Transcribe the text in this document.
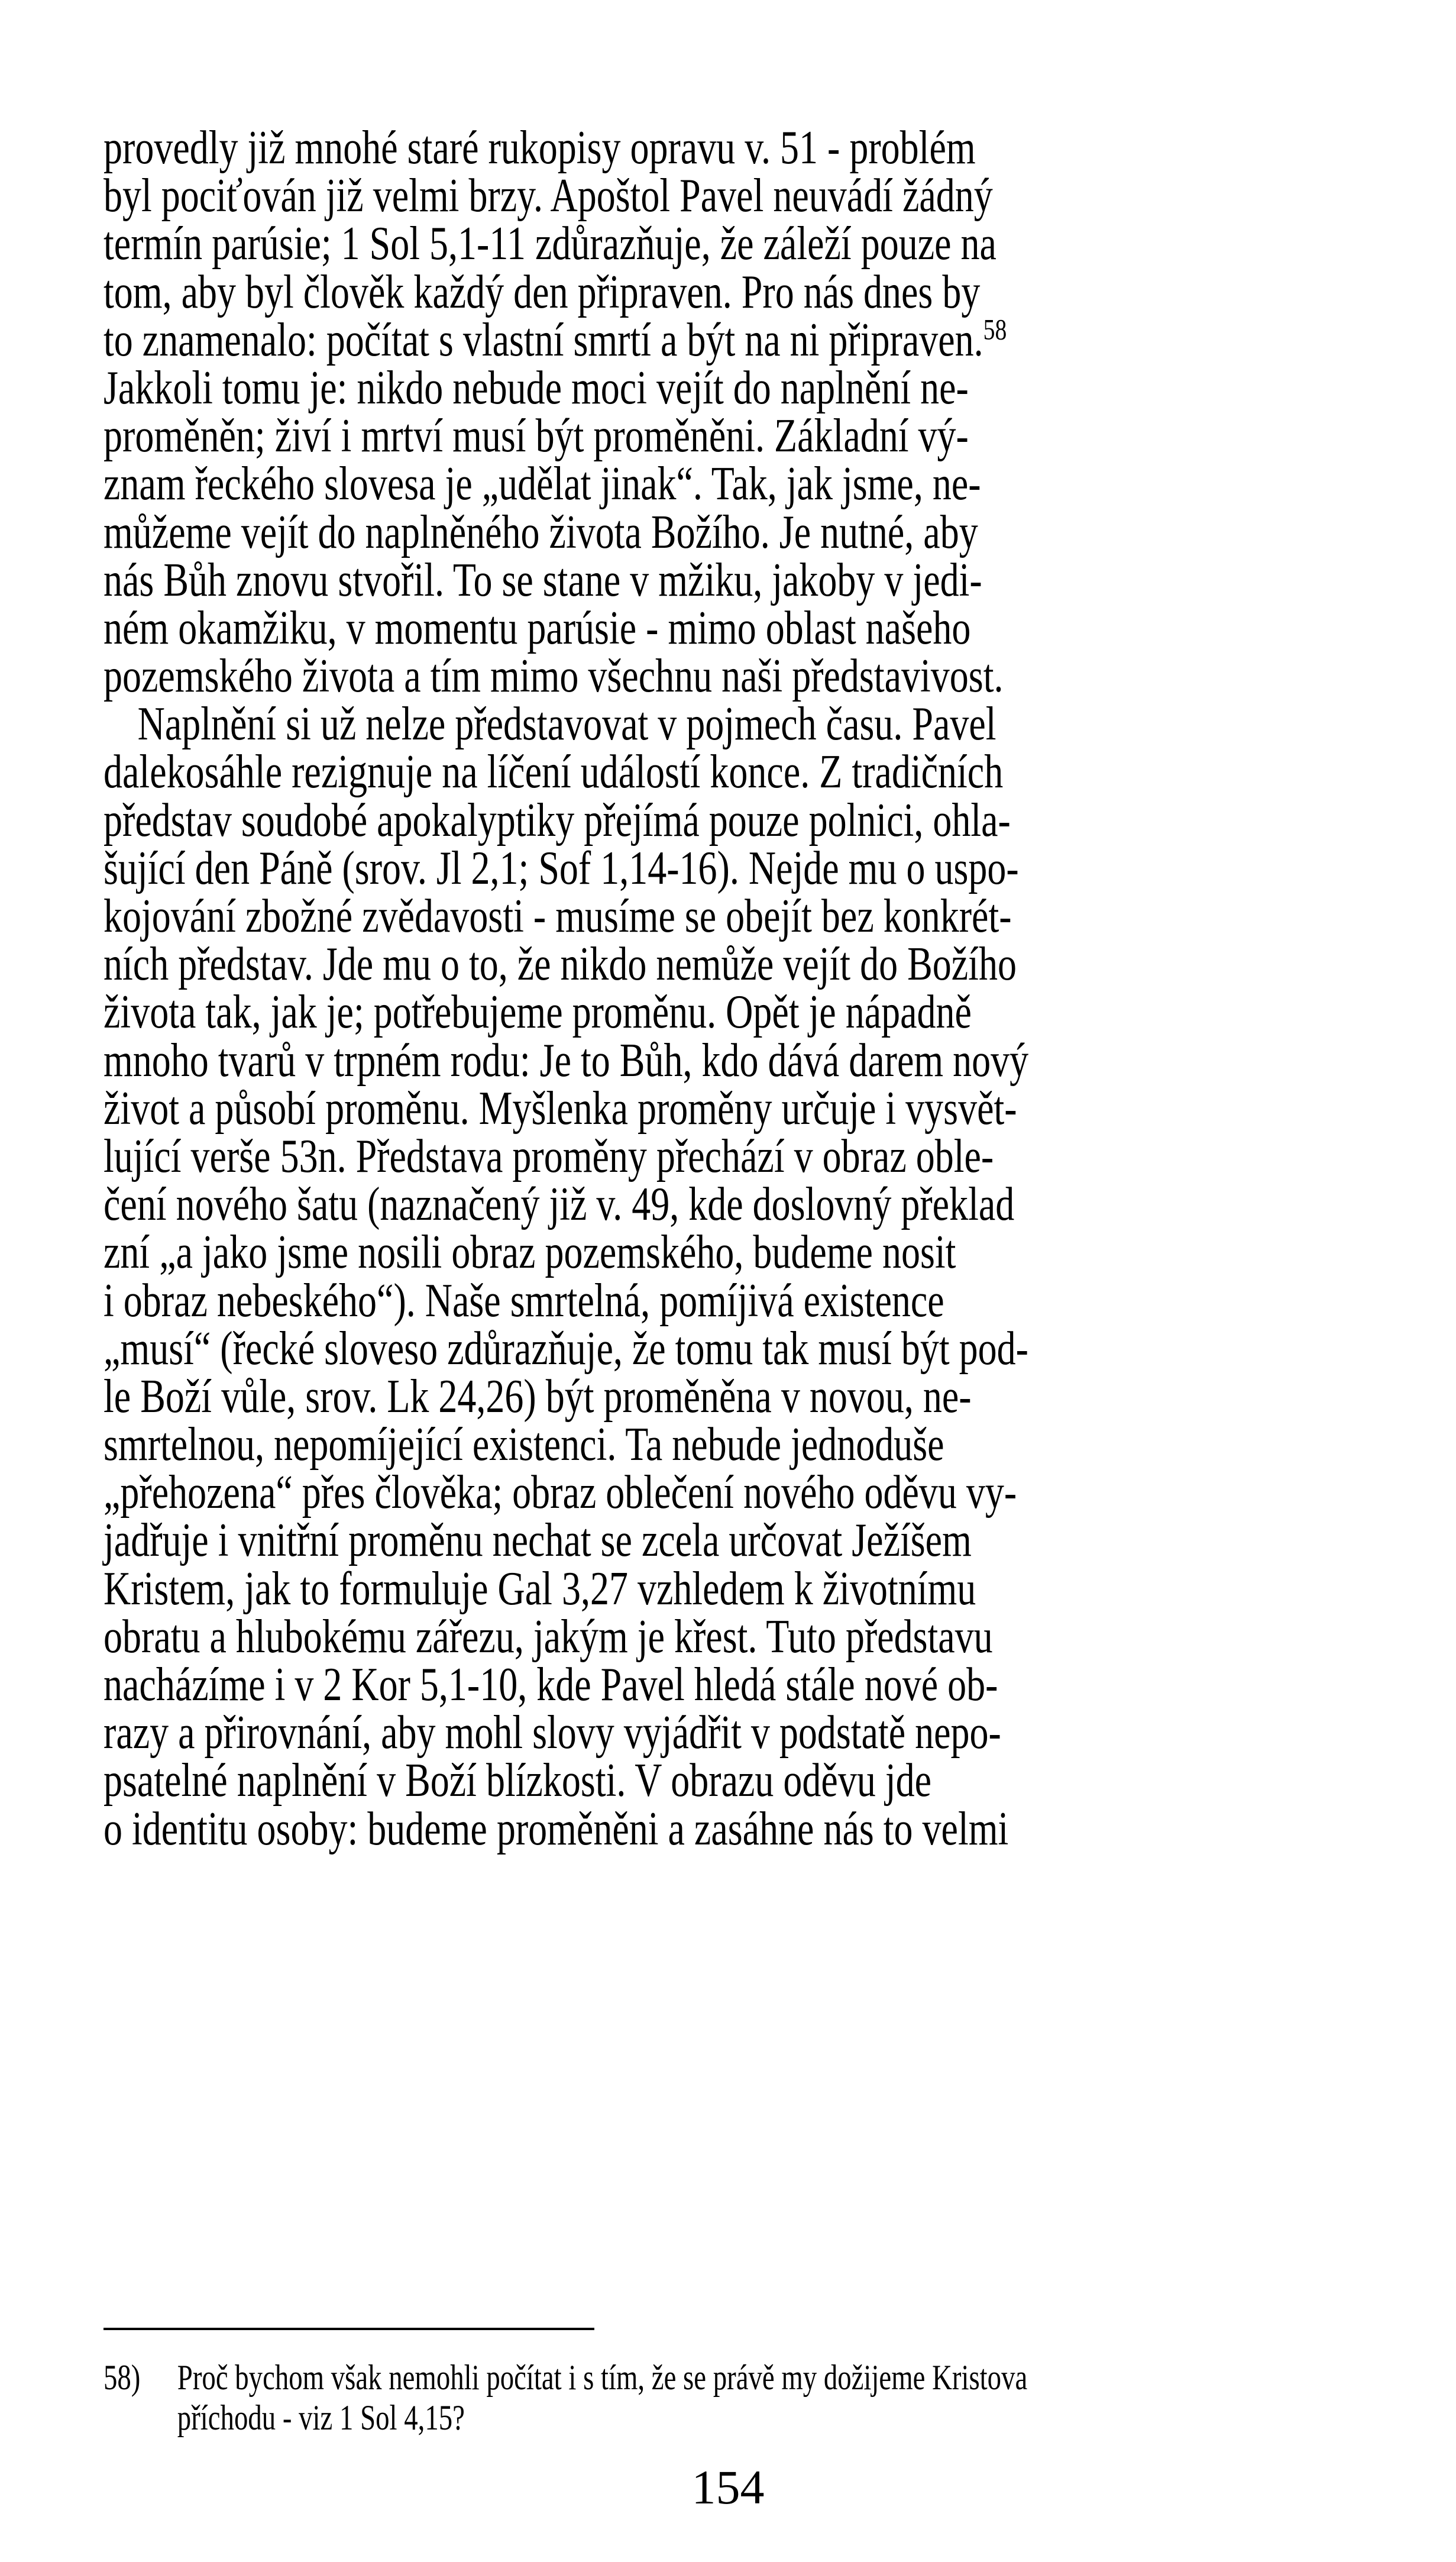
provedly již mnohé staré rukopisy opravu v. 51 - problém
byl pociťován již velmi brzy. Apoštol Pavel neuvádí žádný
termín parúsie; 1 Sol 5,1-11 zdůrazňuje, že záleží pouze na
tom, aby byl člověk každý den připraven. Pro nás dnes by
to znamenalo: počítat s vlastní smrtí a být na ni připraven.$^{58}$
Jakkoli tomu je: nikdo nebude moci vejít do naplnění ne-
proměněn; živí i mrtví musí být proměněni. Základní vý-
znam řeckého slovesa je „udělat jinak“. Tak, jak jsme, ne-
můžeme vejít do naplněného života Božího. Je nutné, aby
nás Bůh znovu stvořil. To se stane v mžiku, jakoby v jedi-
ném okamžiku, v momentu parúsie - mimo oblast našeho
pozemského života a tím mimo všechnu naši představivost.
Naplnění si už nelze představovat v pojmech času. Pavel
dalekosáhle rezignuje na líčení událostí konce. Z tradičních
představ soudobé apokalyptiky přejímá pouze polnici, ohla-
šující den Páně (srov. Jl 2,1; Sof 1,14-16). Nejde mu o uspo-
kojování zbožné zvědavosti - musíme se obejít bez konkrét-
ních představ. Jde mu o to, že nikdo nemůže vejít do Božího
života tak, jak je; potřebujeme proměnu. Opět je nápadně
mnoho tvarů v trpném rodu: Je to Bůh, kdo dává darem nový
život a působí proměnu. Myšlenka proměny určuje i vysvět-
lující verše 53n. Představa proměny přechází v obraz oble-
čení nového šatu (naznačený již v. 49, kde doslovný překlad
zní „a jako jsme nosili obraz pozemského, budeme nosit
i obraz nebeského“). Naše smrtelná, pomíjivá existence
„musí“ (řecké sloveso zdůrazňuje, že tomu tak musí být pod-
le Boží vůle, srov. Lk 24,26) být proměněna v novou, ne-
smrtelnou, nepomíjející existenci. Ta nebude jednoduše
„přehozena“ přes člověka; obraz oblečení nového oděvu vy-
jadřuje i vnitřní proměnu nechat se zcela určovat Ježíšem
Kristem, jak to formuluje Gal 3,27 vzhledem k životnímu
obratu a hlubokému zářezu, jakým je křest. Tuto představu
nacházíme i v 2 Kor 5,1-10, kde Pavel hledá stále nové ob-
razy a přirovnání, aby mohl slovy vyjádřit v podstatě nepo-
psatelné naplnění v Boží blízkosti. V obrazu oděvu jde
o identitu osoby: budeme proměněni a zasáhne nás to velmi
58) Proč bychom však nemohli počítat i s tím, že se právě my dožijeme Kristova
příchodu - viz 1 Sol 4,15?
154
